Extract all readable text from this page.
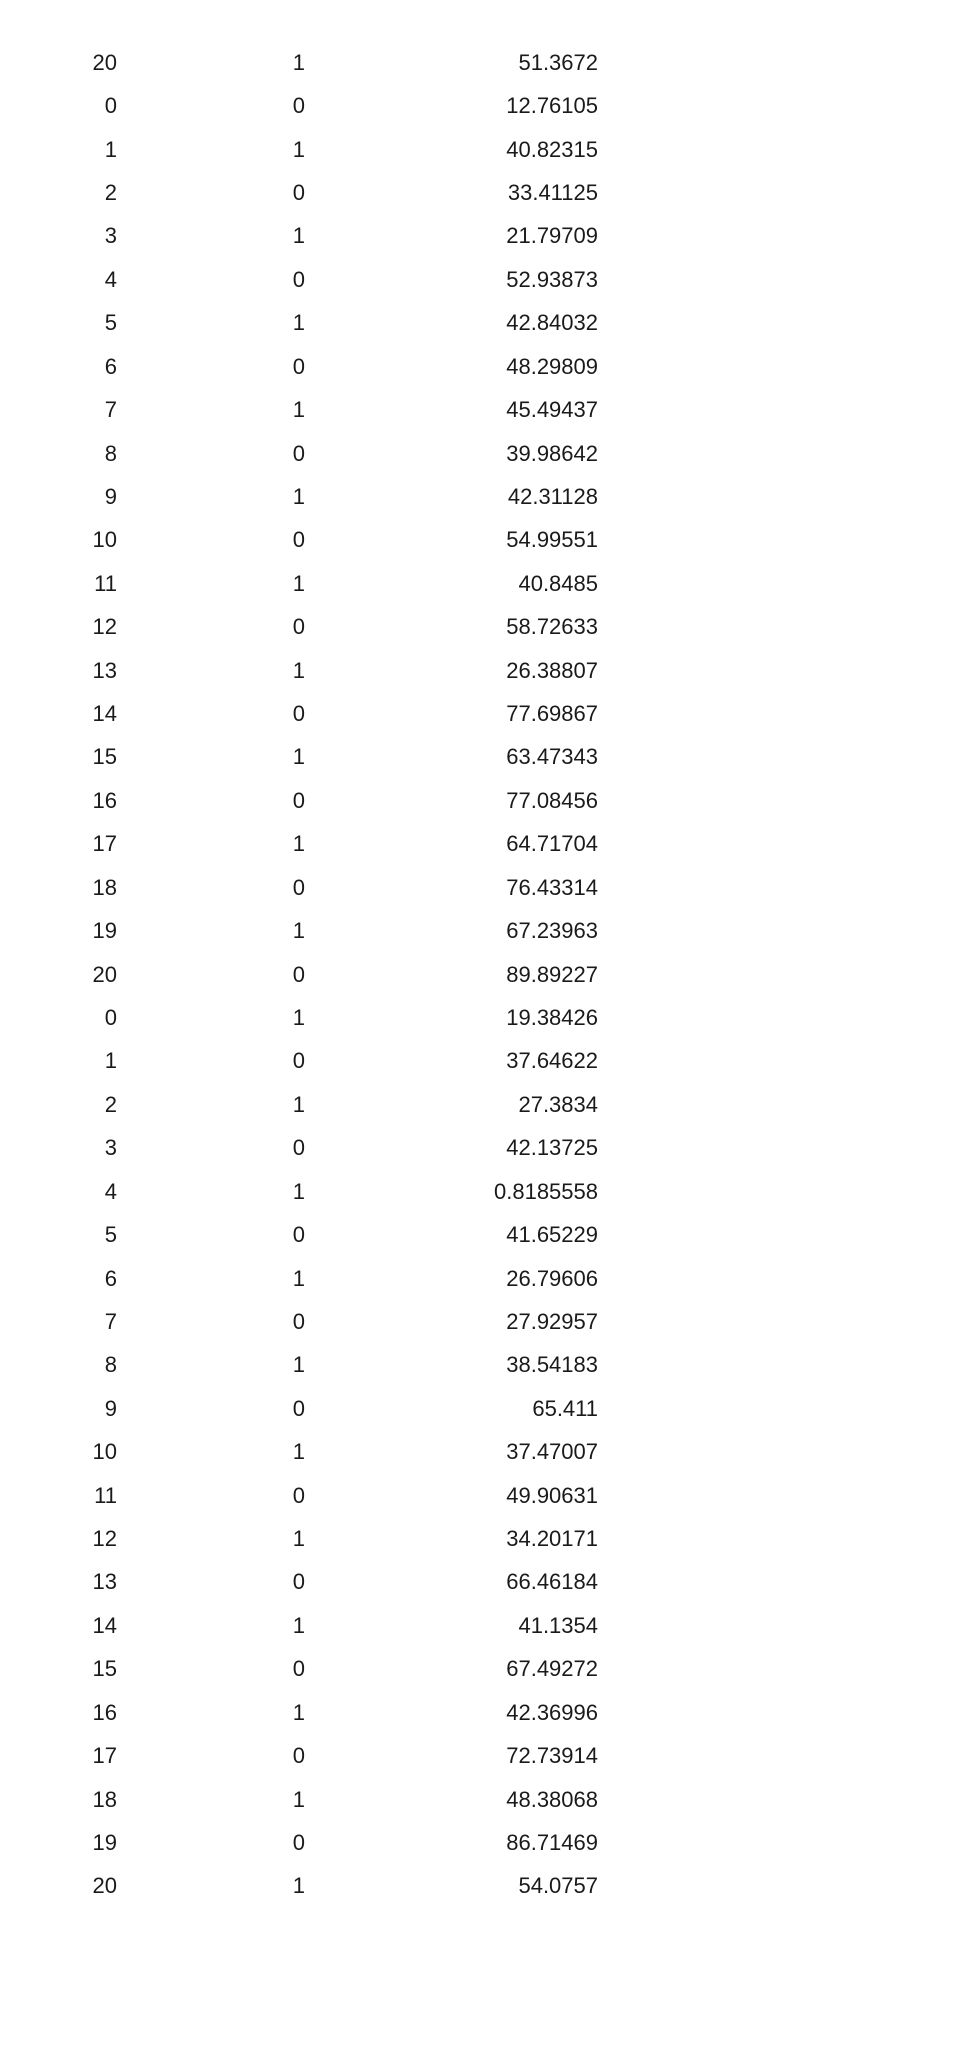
20	1	51.3672
0	0	12.76105
1	1	40.82315
2	0	33.41125
3	1	21.79709
4	0	52.93873
5	1	42.84032
6	0	48.29809
7	1	45.49437
8	0	39.98642
9	1	42.31128
10	0	54.99551
11	1	40.8485
12	0	58.72633
13	1	26.38807
14	0	77.69867
15	1	63.47343
16	0	77.08456
17	1	64.71704
18	0	76.43314
19	1	67.23963
20	0	89.89227
0	1	19.38426
1	0	37.64622
2	1	27.3834
3	0	42.13725
4	1	0.8185558
5	0	41.65229
6	1	26.79606
7	0	27.92957
8	1	38.54183
9	0	65.411
10	1	37.47007
11	0	49.90631
12	1	34.20171
13	0	66.46184
14	1	41.1354
15	0	67.49272
16	1	42.36996
17	0	72.73914
18	1	48.38068
19	0	86.71469
20	1	54.0757
